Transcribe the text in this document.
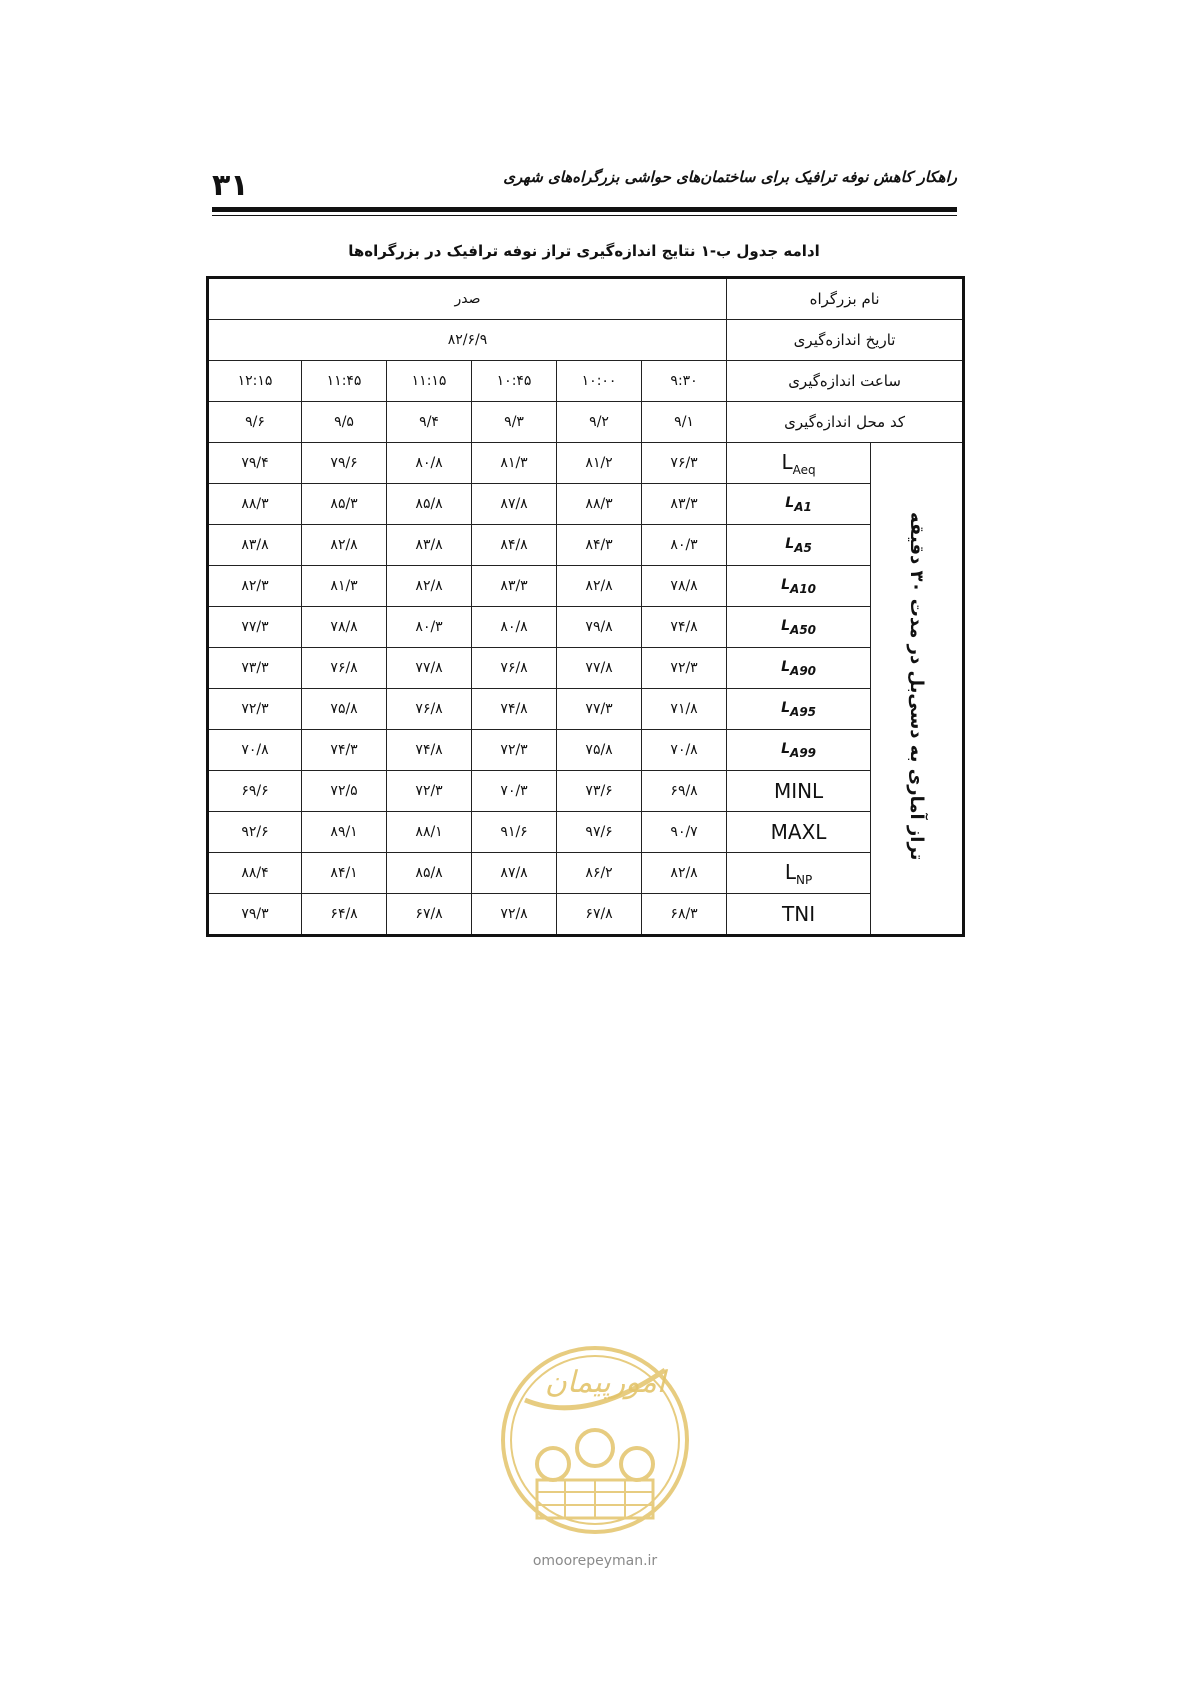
۳۱	راهکار کاهش نوفه ترافیک برای ساختمان‌های حواشی بزرگراه‌های شهری
ادامه جدول ب-۱ نتایج اندازه‌گیری تراز نوفه ترافیک در بزرگراه‌ها
نام بزرگراه		صدر					
تاریخ اندازه‌گیری		۸۲/۶/۹					
ساعت اندازه‌گیری		۹:۳۰	۱۰:۰۰	۱۰:۴۵	۱۱:۱۵	۱۱:۴۵	۱۲:۱۵
کد محل اندازه‌گیری		۹/۱	۹/۲	۹/۳	۹/۴	۹/۵	۹/۶
تراز آماری به دسی‌بل در مدت ۳۰ دقیقه	$L_{Aeq}$	۷۶/۳	۸۱/۲	۸۱/۳	۸۰/۸	۷۹/۶	۷۹/۴
	$L_{A1}$	۸۳/۳	۸۸/۳	۸۷/۸	۸۵/۸	۸۵/۳	۸۸/۳
	$L_{A5}$	۸۰/۳	۸۴/۳	۸۴/۸	۸۳/۸	۸۲/۸	۸۳/۸
	$L_{A10}$	۷۸/۸	۸۲/۸	۸۳/۳	۸۲/۸	۸۱/۳	۸۲/۳
	$L_{A50}$	۷۴/۸	۷۹/۸	۸۰/۸	۸۰/۳	۷۸/۸	۷۷/۳
	$L_{A90}$	۷۲/۳	۷۷/۸	۷۶/۸	۷۷/۸	۷۶/۸	۷۳/۳
	$L_{A95}$	۷۱/۸	۷۷/۳	۷۴/۸	۷۶/۸	۷۵/۸	۷۲/۳
	$L_{A99}$	۷۰/۸	۷۵/۸	۷۲/۳	۷۴/۸	۷۴/۳	۷۰/۸
	MINL	۶۹/۸	۷۳/۶	۷۰/۳	۷۲/۳	۷۲/۵	۶۹/۶
	MAXL	۹۰/۷	۹۷/۶	۹۱/۶	۸۸/۱	۸۹/۱	۹۲/۶
	$L_{NP}$	۸۲/۸	۸۶/۲	۸۷/۸	۸۵/۸	۸۴/۱	۸۸/۴
	TNI	۶۸/۳	۶۷/۸	۷۲/۸	۶۷/۸	۶۴/۸	۷۹/۳
امورپیمان
omoorepeyman.ir
